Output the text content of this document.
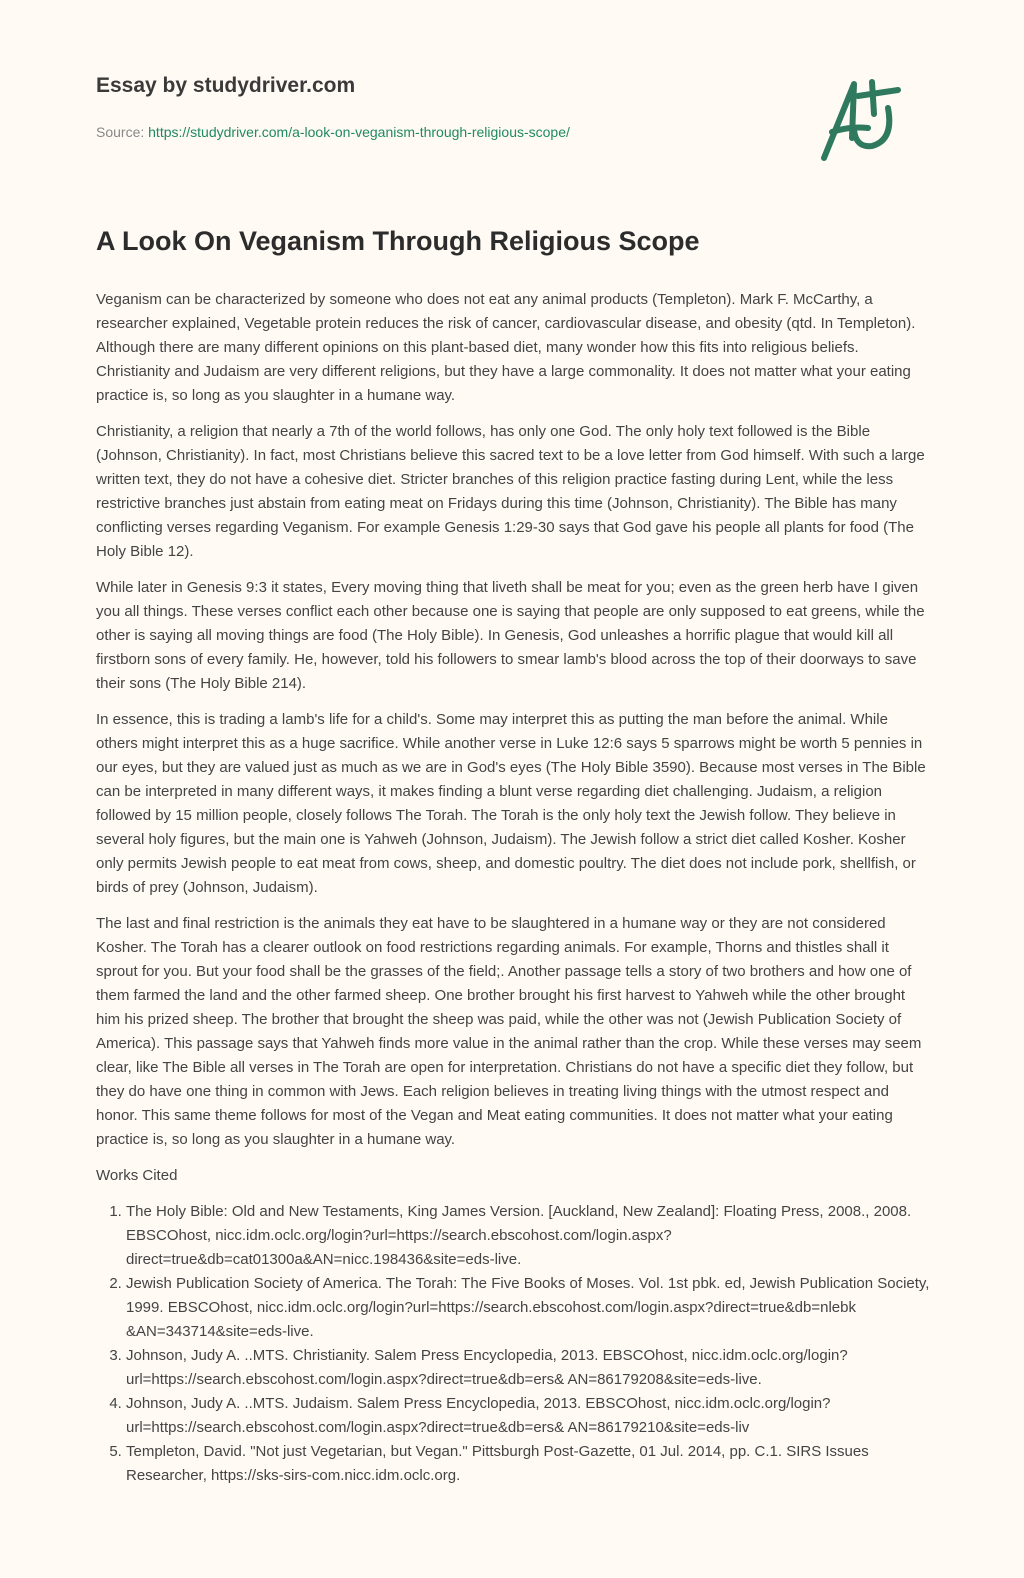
Essay by studydriver.com
Source: https://studydriver.com/a-look-on-veganism-through-religious-scope/
A Look On Veganism Through Religious Scope

Veganism can be characterized by someone who does not eat any animal products (Templeton). Mark F. McCarthy, a researcher explained, Vegetable protein reduces the risk of cancer, cardiovascular disease, and obesity (qtd. In Templeton). Although there are many different opinions on this plant-based diet, many wonder how this fits into religious beliefs. Christianity and Judaism are very different religions, but they have a large commonality. It does not matter what your eating practice is, so long as you slaughter in a humane way.

Christianity, a religion that nearly a 7th of the world follows, has only one God. The only holy text followed is the Bible (Johnson, Christianity). In fact, most Christians believe this sacred text to be a love letter from God himself. With such a large written text, they do not have a cohesive diet. Stricter branches of this religion practice fasting during Lent, while the less restrictive branches just abstain from eating meat on Fridays during this time (Johnson, Christianity). The Bible has many conflicting verses regarding Veganism. For example Genesis 1:29-30 says that God gave his people all plants for food (The Holy Bible 12).

While later in Genesis 9:3 it states, Every moving thing that liveth shall be meat for you; even as the green herb have I given you all things. These verses conflict each other because one is saying that people are only supposed to eat greens, while the other is saying all moving things are food (The Holy Bible). In Genesis, God unleashes a horrific plague that would kill all firstborn sons of every family. He, however, told his followers to smear lamb's blood across the top of their doorways to save their sons (The Holy Bible 214).

In essence, this is trading a lamb's life for a child's. Some may interpret this as putting the man before the animal. While others might interpret this as a huge sacrifice. While another verse in Luke 12:6 says 5 sparrows might be worth 5 pennies in our eyes, but they are valued just as much as we are in God's eyes (The Holy Bible 3590). Because most verses in The Bible can be interpreted in many different ways, it makes finding a blunt verse regarding diet challenging. Judaism, a religion followed by 15 million people, closely follows The Torah. The Torah is the only holy text the Jewish follow. They believe in several holy figures, but the main one is Yahweh (Johnson, Judaism). The Jewish follow a strict diet called Kosher. Kosher only permits Jewish people to eat meat from cows, sheep, and domestic poultry. The diet does not include pork, shellfish, or birds of prey (Johnson, Judaism).

The last and final restriction is the animals they eat have to be slaughtered in a humane way or they are not considered Kosher. The Torah has a clearer outlook on food restrictions regarding animals. For example, Thorns and thistles shall it sprout for you. But your food shall be the grasses of the field;. Another passage tells a story of two brothers and how one of them farmed the land and the other farmed sheep. One brother brought his first harvest to Yahweh while the other brought him his prized sheep. The brother that brought the sheep was paid, while the other was not (Jewish Publication Society of America). This passage says that Yahweh finds more value in the animal rather than the crop. While these verses may seem clear, like The Bible all verses in The Torah are open for interpretation. Christians do not have a specific diet they follow, but they do have one thing in common with Jews. Each religion believes in treating living things with the utmost respect and honor. This same theme follows for most of the Vegan and Meat eating communities. It does not matter what your eating practice is, so long as you slaughter in a humane way.

Works Cited

1. The Holy Bible: Old and New Testaments, King James Version. [Auckland, New Zealand]: Floating Press, 2008., 2008. EBSCOhost, nicc.idm.oclc.org/login?url=https://search.ebscohost.com/login.aspx?direct=true&db=cat01300a&AN=nicc.198436&site=eds-live.
2. Jewish Publication Society of America. The Torah: The Five Books of Moses. Vol. 1st pbk. ed, Jewish Publication Society, 1999. EBSCOhost, nicc.idm.oclc.org/login?url=https://search.ebscohost.com/login.aspx?direct=true&db=nlebk &AN=343714&site=eds-live.
3. Johnson, Judy A. ..MTS. Christianity. Salem Press Encyclopedia, 2013. EBSCOhost, nicc.idm.oclc.org/login?url=https://search.ebscohost.com/login.aspx?direct=true&db=ers& AN=86179208&site=eds-live.
4. Johnson, Judy A. ..MTS. Judaism. Salem Press Encyclopedia, 2013. EBSCOhost, nicc.idm.oclc.org/login?url=https://search.ebscohost.com/login.aspx?direct=true&db=ers& AN=86179210&site=eds-liv
5. Templeton, David. "Not just Vegetarian, but Vegan." Pittsburgh Post-Gazette, 01 Jul. 2014, pp. C.1. SIRS Issues Researcher, https://sks-sirs-com.nicc.idm.oclc.org.
